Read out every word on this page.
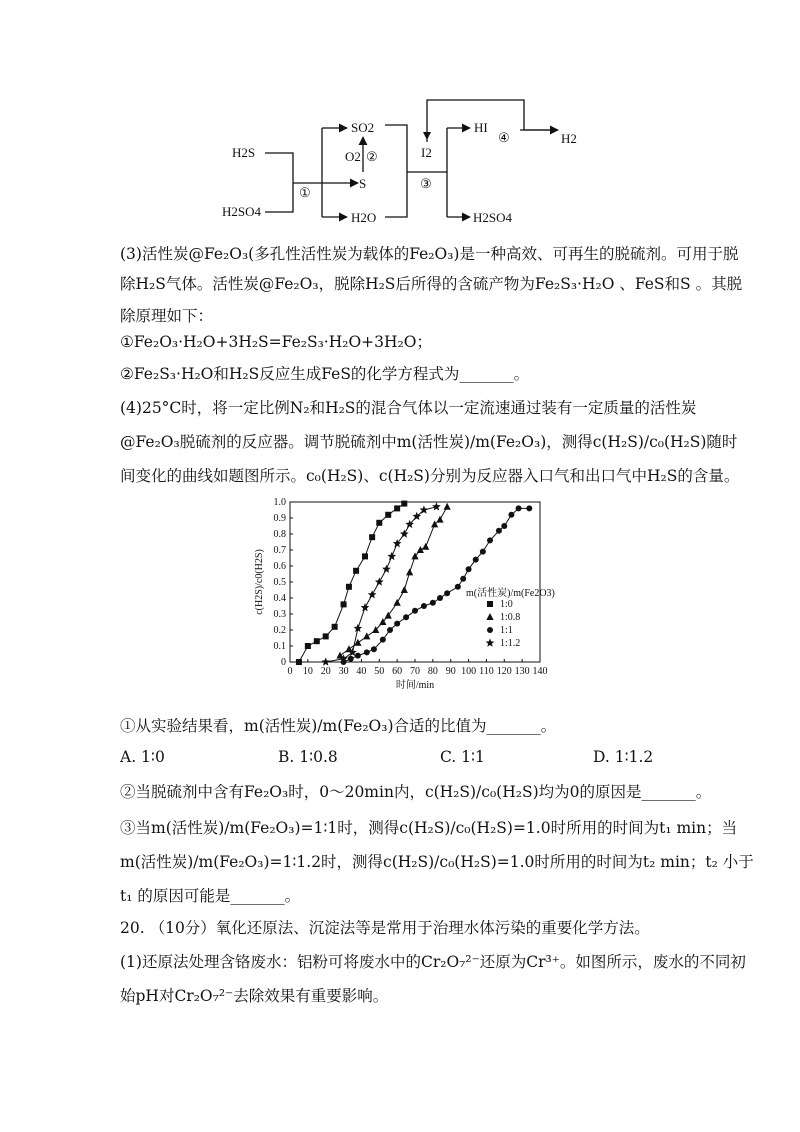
H2S
H2SO4
SO2
O2 ②
S
①
H2O
I2
③
HI
④	H2
H2SO4
(3)活性炭@Fe₂O₃(多孔性活性炭为载体的Fe₂O₃)是一种高效、可再生的脱硫剂。可用于脱
除H₂S气体。活性炭@Fe₂O₃，脱除H₂S后所得的含硫产物为Fe₂S₃·H₂O 、FeS和S 。其脱
除原理如下：
①Fe₂O₃·H₂O+3H₂S=Fe₂S₃·H₂O+3H₂O；
②Fe₂S₃·H₂O和H₂S反应生成FeS的化学方程式为_______。
(4)25°C时，将一定比例N₂和H₂S的混合气体以一定流速通过装有一定质量的活性炭
@Fe₂O₃脱硫剂的反应器。调节脱硫剂中m(活性炭)/m(Fe₂O₃)，测得c(H₂S)/c₀(H₂S)随时
间变化的曲线如题图所示。c₀(H₂S)、c(H₂S)分别为反应器入口气和出口气中H₂S的含量。
0 10 20 30 40 50 60 70 80 90 100 110 120 130 140
0
0.1
0.2
0.3
0.4
0.5
0.6
0.7
0.8
0.9
1.0
时间/min
c(H2S)/c0(H2S)	m(活性炭)/m(Fe2O3)
1:0
1:0.8
1:1
1:1.2
①从实验结果看，m(活性炭)/m(Fe₂O₃)合适的比值为_______。
A. 1∶0	B. 1∶0.8	C. 1∶1	D. 1∶1.2
②当脱硫剂中含有Fe₂O₃时，0～20min内，c(H₂S)/c₀(H₂S)均为0的原因是_______。
③当m(活性炭)/m(Fe₂O₃)=1∶1时，测得c(H₂S)/c₀(H₂S)=1.0时所用的时间为t₁ min；当
m(活性炭)/m(Fe₂O₃)=1∶1.2时，测得c(H₂S)/c₀(H₂S)=1.0时所用的时间为t₂ min；t₂ 小于
t₁ 的原因可能是_______。
20. （10分）氧化还原法、沉淀法等是常用于治理水体污染的重要化学方法。
(1)还原法处理含铬废水：铝粉可将废水中的Cr₂O₇²⁻还原为Cr³⁺。如图所示，废水的不同初
始pH对Cr₂O₇²⁻去除效果有重要影响。
